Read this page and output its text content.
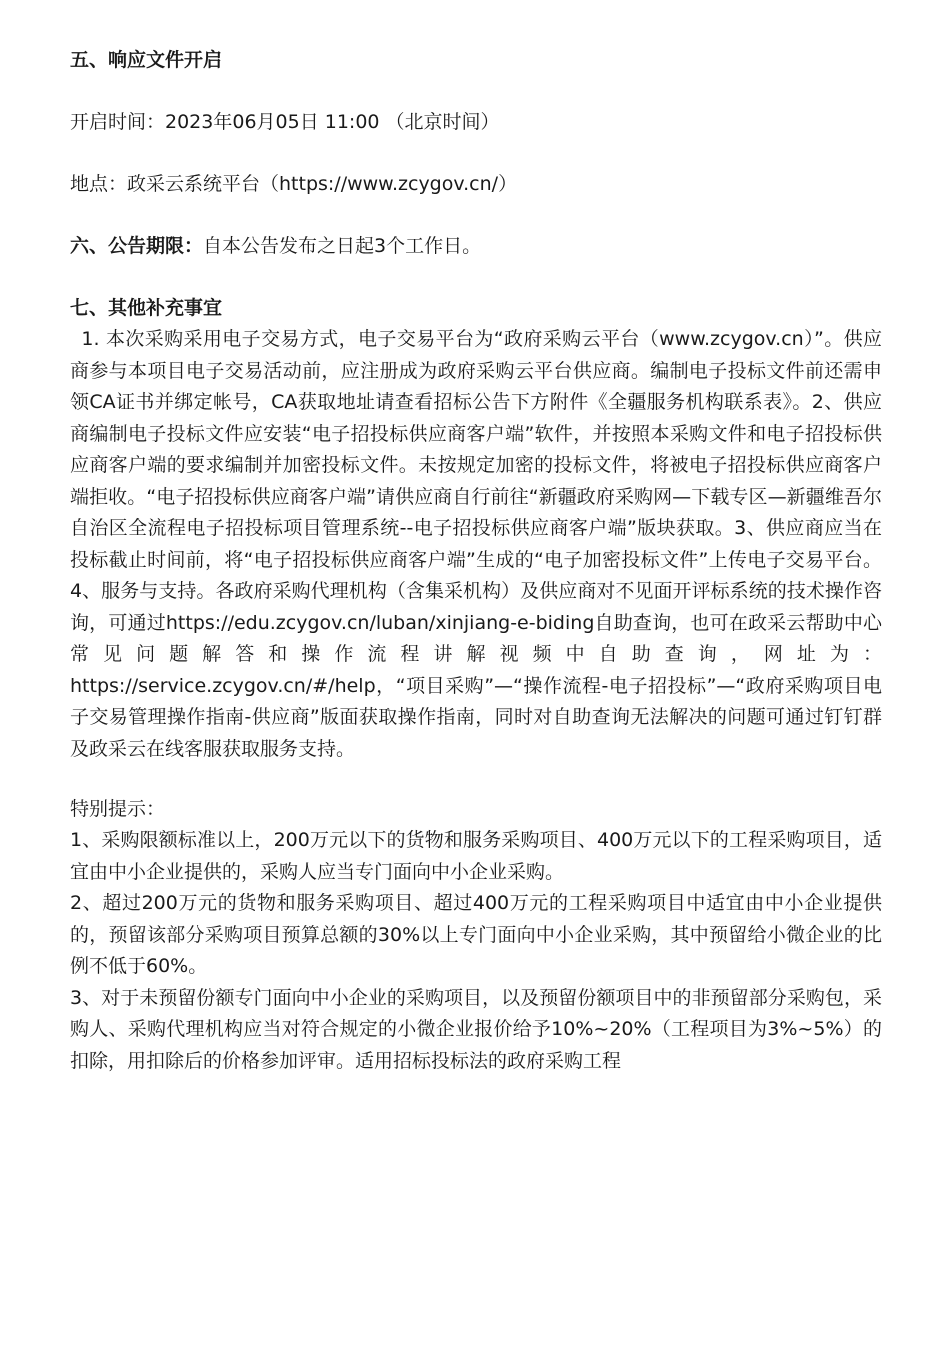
五、响应文件开启

开启时间：2023年06月05日 11:00 （北京时间）

地点：政采云系统平台（https://www.zcygov.cn/）

六、公告期限：自本公告发布之日起3个工作日。

七、其他补充事宜

1. 本次采购采用电子交易方式，电子交易平台为“政府采购云平台（www.zcygov.cn）”。供应商参与本项目电子交易活动前，应注册成为政府采购云平台供应商。编制电子投标文件前还需申领CA证书并绑定帐号，CA获取地址请查看招标公告下方附件《全疆服务机构联系表》。2、供应商编制电子投标文件应安装“电子招投标供应商客户端”软件，并按照本采购文件和电子招投标供应商客户端的要求编制并加密投标文件。未按规定加密的投标文件，将被电子招投标供应商客户端拒收。“电子招投标供应商客户端”请供应商自行前往“新疆政府采购网—下载专区—新疆维吾尔自治区全流程电子招投标项目管理系统--电子招投标供应商客户端”版块获取。3、供应商应当在投标截止时间前，将“电子招投标供应商客户端”生成的“电子加密投标文件”上传电子交易平台。4、服务与支持。各政府采购代理机构（含集采机构）及供应商对不见面开评标系统的技术操作咨询，可通过https://edu.zcygov.cn/luban/xinjiang-e-biding自助查询，也可在政采云帮助中心常见问题解答和操作流程讲解视频中自助查询，网址为：https://service.zcygov.cn/#/help，“项目采购”—“操作流程-电子招投标”—“政府采购项目电子交易管理操作指南-供应商”版面获取操作指南，同时对自助查询无法解决的问题可通过钉钉群及政采云在线客服获取服务支持。

特别提示：

1、采购限额标准以上，200万元以下的货物和服务采购项目、400万元以下的工程采购项目，适宜由中小企业提供的，采购人应当专门面向中小企业采购。

2、超过200万元的货物和服务采购项目、超过400万元的工程采购项目中适宜由中小企业提供的，预留该部分采购项目预算总额的30%以上专门面向中小企业采购，其中预留给小微企业的比例不低于60%。

3、对于未预留份额专门面向中小企业的采购项目，以及预留份额项目中的非预留部分采购包，采购人、采购代理机构应当对符合规定的小微企业报价给予10%~20%（工程项目为3%~5%）的扣除，用扣除后的价格参加评审。适用招标投标法的政府采购工程
